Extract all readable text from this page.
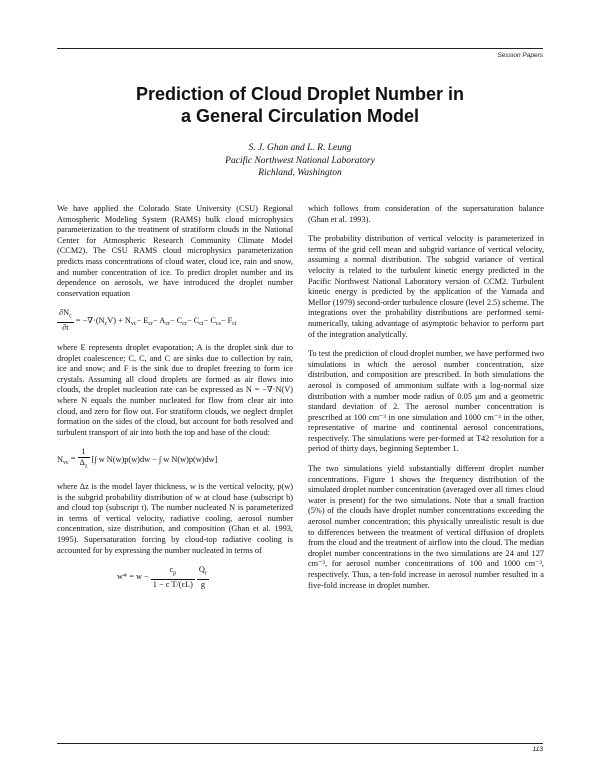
Session Papers
Prediction of Cloud Droplet Number in
a General Circulation Model
S. J. Ghan and L. R. Leung
Pacific Northwest National Laboratory
Richland, Washington

We have applied the Colorado State University (CSU) Regional Atmospheric Modeling System (RAMS) bulk cloud microphysics parameterization to the treatment of stratiform clouds in the National Center for Atmospheric Research Community Climate Model (CCM2). The CSU RAMS cloud microphysics parameterization predicts mass concentrations of cloud water, cloud ice, rain and snow, and number concentration of ice. To predict droplet number and its dependence on aerosols, we have introduced the droplet number conservation equation

$\frac{\partial N_c}{\partial t} = -\nabla\cdot(N_cV) + N_{vc}- E_{cr}- A_{cr}- C_{cr}- C_{ci}- C_{cs}- F_{ci}$

where E represents droplet evaporation; A is the droplet sink due to droplet coalescence; C, C, and C are sinks due to collection by rain, ice and snow; and F is the sink due to droplet freezing to form ice crystals. Assuming all cloud droplets are formed as air flows into clouds, the droplet nucleation rate can be expressed as N = −∇·N(V) where N equals the number nucleated for flow from clear air into cloud, and zero for flow out. For stratiform clouds, we neglect droplet formation on the sides of the cloud, but account for both resolved and turbulent transport of air into both the top and base of the cloud:

$N_{vc} = \frac{1}{\Delta_z}$ [∫ w N(w)p(w)dw − ∫ w N(w)p(w)dw]

where Δz is the model layer thickness, w is the vertical velocity, p(w) is the subgrid probability distribution of w at cloud base (subscript b) and cloud top (subscript t). The number nucleated N is parameterized in terms of vertical velocity, radiative cooling, aerosol number concentration, size distribution, and composition (Ghan et al. 1993, 1995). Supersaturation forcing by cloud-top radiative cooling is accounted for by expressing the number nucleated in terms of

$w* = w - \frac{c_p}{\text{1 − c T/(εL)}}$
$\frac{Q_r}{g}$

which follows from consideration of the supersaturation balance (Ghan et al. 1993).

The probability distribution of vertical velocity is parameterized in terms of the grid cell mean and subgrid variance of vertical velocity, assuming a normal distribution. The subgrid variance of vertical velocity is related to the turbulent kinetic energy predicted in the Pacific Northwest National Laboratory version of CCM2. Turbulent kinetic energy is predicted by the application of the Yamada and Mellor (1979) second-order turbulence closure (level 2.5) scheme. The integrations over the probability distributions are performed semi-numerically, taking advantage of asymptotic behavior to perform part of the integration analytically.

To test the prediction of cloud droplet number, we have performed two simulations in which the aerosol number concentration, size distribution, and composition are prescribed. In both simulations the aerosol is composed of ammonium sulfate with a log-normal size distribution with a number mode radius of 0.05 μm and a geometric standard deviation of 2. The aerosol number concentration is prescribed at 100 cm⁻³ in one simulation and 1000 cm⁻³ in the other, representative of marine and continental aerosol concentrations, respectively. The simulations were per-formed at T42 resolution for a period of thirty days, beginning September 1.

The two simulations yield substantially different droplet number concentrations. Figure 1 shows the frequency distribution of the simulated droplet number concentration (averaged over all times cloud water is present) for the two simulations. Note that a small fraction (5%) of the clouds have droplet number concentrations exceeding the aerosol number concentration; this physically unrealistic result is due to differences between the treatment of vertical diffusion of droplets from the cloud and the treatment of airflow into the cloud. The median droplet number concentrations in the two simulations are 24 and 127 cm⁻³, for aerosol number concentrations of 100 and 1000 cm⁻³, respectively. Thus, a ten-fold increase in aerosol number resulted in a five-fold increase in droplet number.

113
